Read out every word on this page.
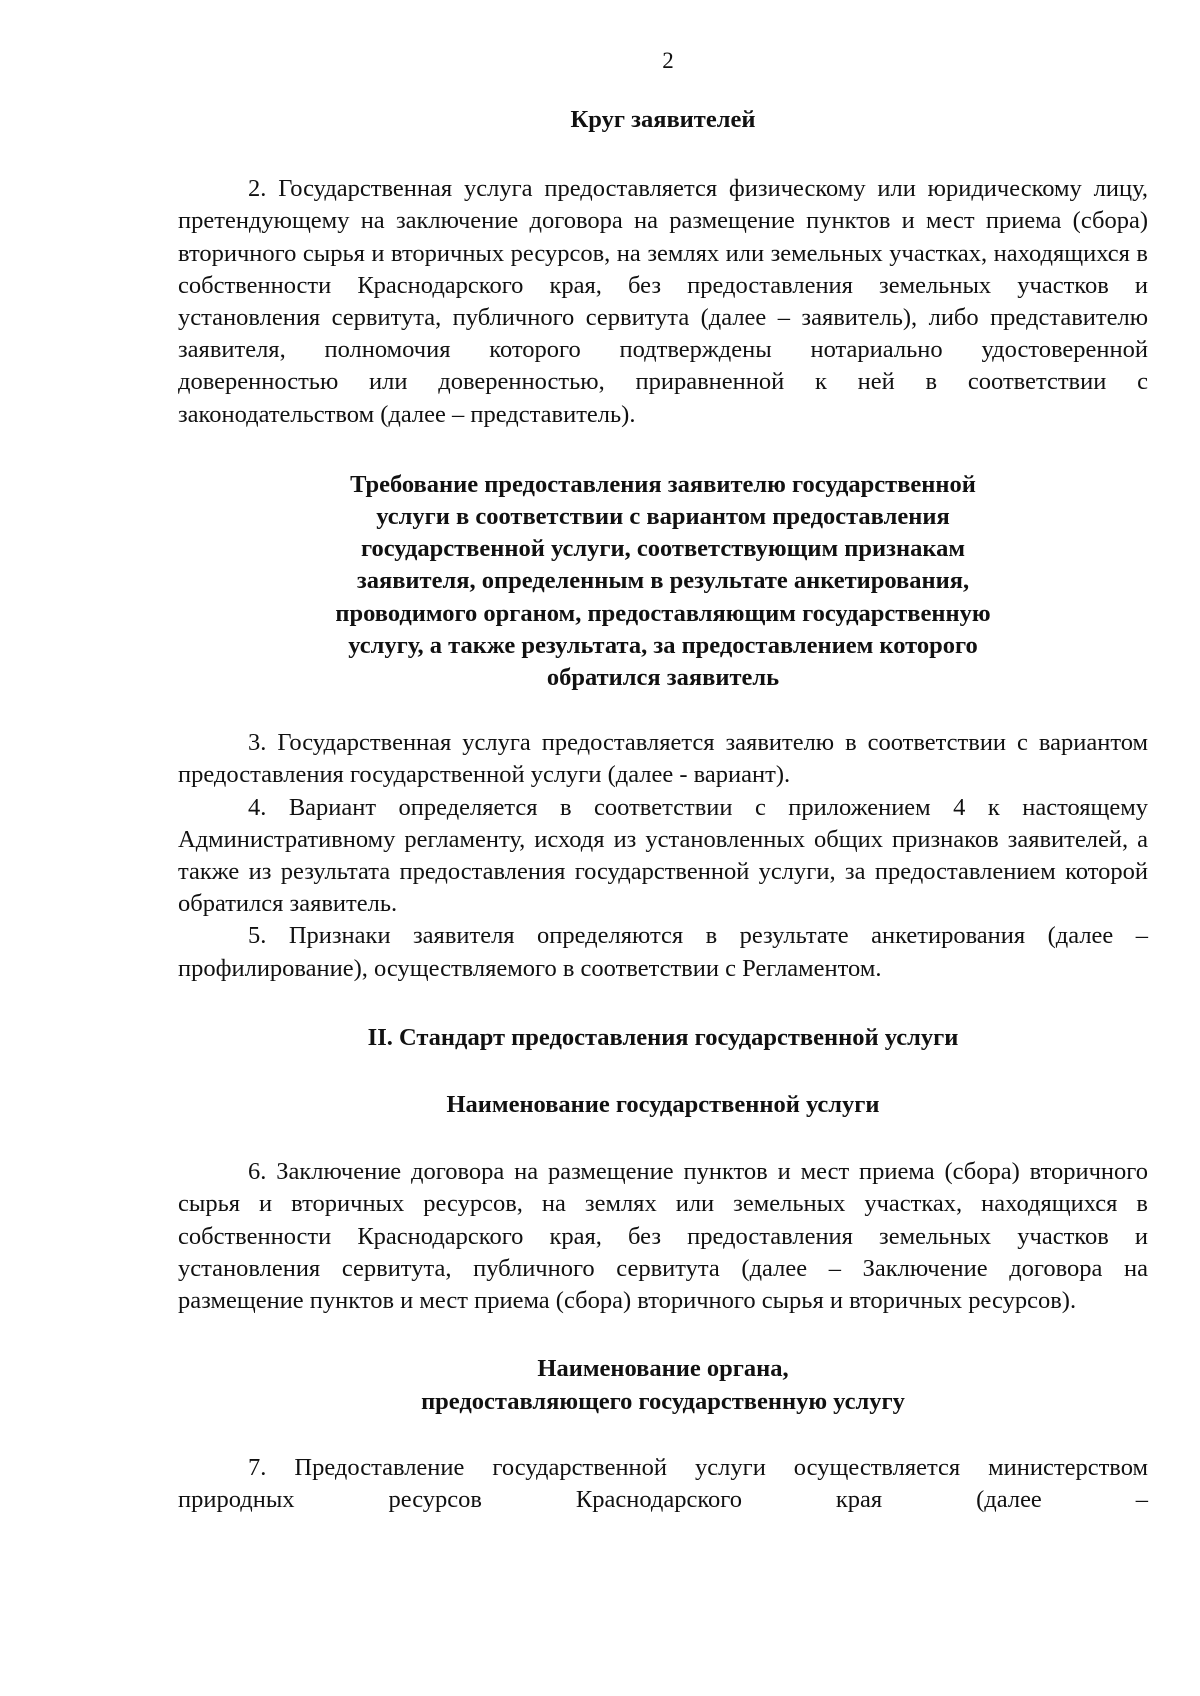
2

Круг заявителей

2. Государственная услуга предоставляется физическому или юридическому лицу, претендующему на заключение договора на размещение пунктов и мест приема (сбора) вторичного сырья и вторичных ресурсов, на землях или земельных участках, находящихся в собственности Краснодарского края, без предоставления земельных участков и установления сервитута, публичного сервитута (далее – заявитель), либо представителю заявителя, полномочия которого подтверждены нотариально удостоверенной доверенностью или доверенностью, приравненной к ней в соответствии с законодательством (далее – представитель).

Требование предоставления заявителю государственной
услуги в соответствии с вариантом предоставления
государственной услуги, соответствующим признакам
заявителя, определенным в результате анкетирования,
проводимого органом, предоставляющим государственную
услугу, а также результата, за предоставлением которого
обратился заявитель

3. Государственная услуга предоставляется заявителю в соответствии с вариантом предоставления государственной услуги (далее - вариант).

4. Вариант определяется в соответствии с приложением 4 к настоящему Административному регламенту, исходя из установленных общих признаков заявителей, а также из результата предоставления государственной услуги, за предоставлением которой обратился заявитель.

5. Признаки заявителя определяются в результате анкетирования (далее – профилирование), осуществляемого в соответствии с Регламентом.

II. Стандарт предоставления государственной услуги

Наименование государственной услуги

6. Заключение договора на размещение пунктов и мест приема (сбора) вторичного сырья и вторичных ресурсов, на землях или земельных участках, находящихся в собственности Краснодарского края, без предоставления земельных участков и установления сервитута, публичного сервитута (далее – Заключение договора на размещение пунктов и мест приема (сбора) вторичного сырья и вторичных ресурсов).

Наименование органа,
предоставляющего государственную услугу

7. Предоставление государственной услуги осуществляется министерством природных ресурсов Краснодарского края (далее –
